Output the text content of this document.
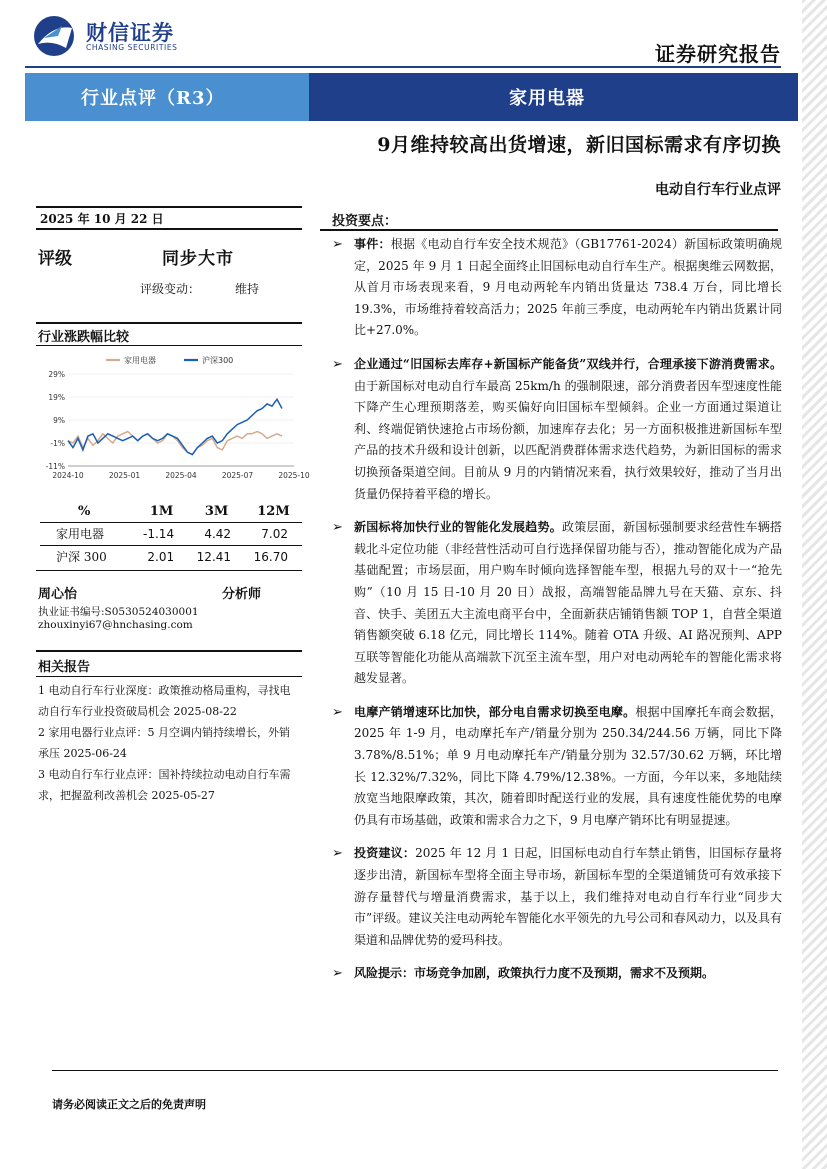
财信证券
CHASING SECURITIES	证券研究报告
行业点评（R3）	家用电器
9月维持较高出货增速，新旧国标需求有序切换
电动自行车行业点评
2025 年 10 月 22 日
评级	同步大市
评级变动：	维持
行业涨跌幅比较
家用电器	沪深300
29%
19%
9%
-1%
-11%
2024-10	2025-01	2025-04	2025-07	2025-10
%	1M	3M	12M
家用电器	-1.14	4.42	7.02
沪深 300	2.01	12.41	16.70
周心怡	分析师
执业证书编号:S0530524030001
zhouxinyi67@hnchasing.com
相关报告
1 电动自行车行业深度：政策推动格局重构，寻找电动自行车行业投资破局机会 2025-08-22
2 家用电器行业点评：5 月空调内销持续增长，外销承压 2025-06-24
3 电动自行车行业点评：国补持续拉动电动自行车需求，把握盈利改善机会 2025-05-27
投资要点：
➢ 事件：根据《电动自行车安全技术规范》（GB17761-2024）新国标政策明确规定，2025 年 9 月 1 日起全面终止旧国标电动自行车生产。根据奥维云网数据，从首月市场表现来看，9 月电动两轮车内销出货量达 738.4 万台，同比增长 19.3%，市场维持着较高活力；2025 年前三季度，电动两轮车内销出货累计同比+27.0%。
➢ 企业通过“旧国标去库存+新国标产能备货”双线并行，合理承接下游消费需求。由于新国标对电动自行车最高 25km/h 的强制限速，部分消费者因车型速度性能下降产生心理预期落差，购买偏好向旧国标车型倾斜。企业一方面通过渠道让利、终端促销快速抢占市场份额，加速库存去化；另一方面积极推进新国标车型产品的技术升级和设计创新，以匹配消费群体需求迭代趋势，为新旧国标的需求切换预备渠道空间。目前从 9 月的内销情况来看，执行效果较好，推动了当月出货量仍保持着平稳的增长。
➢ 新国标将加快行业的智能化发展趋势。政策层面，新国标强制要求经营性车辆搭载北斗定位功能（非经营性活动可自行选择保留功能与否），推动智能化成为产品基础配置；市场层面，用户购车时倾向选择智能车型，根据九号的双十一“抢先购”（10 月 15 日-10 月 20 日）战报，高端智能品牌九号在天猫、京东、抖音、快手、美团五大主流电商平台中，全面新获店铺销售额 TOP 1，自营全渠道销售额突破 6.18 亿元，同比增长 114%。随着 OTA 升级、AI 路况预判、APP 互联等智能化功能从高端款下沉至主流车型，用户对电动两轮车的智能化需求将越发显著。
➢ 电摩产销增速环比加快，部分电自需求切换至电摩。根据中国摩托车商会数据，2025 年 1-9 月，电动摩托车产/销量分别为 250.34/244.56 万辆，同比下降 3.78%/8.51%；单 9 月电动摩托车产/销量分别为 32.57/30.62 万辆，环比增长 12.32%/7.32%，同比下降 4.79%/12.38%。一方面，今年以来，多地陆续放宽当地限摩政策，其次，随着即时配送行业的发展，具有速度性能优势的电摩仍具有市场基础，政策和需求合力之下，9 月电摩产销环比有明显提速。
➢ 投资建议：2025 年 12 月 1 日起，旧国标电动自行车禁止销售，旧国标存量将逐步出清，新国标车型将全面主导市场，新国标车型的全渠道铺货可有效承接下游存量替代与增量消费需求，基于以上，我们维持对电动自行车行业“同步大市”评级。建议关注电动两轮车智能化水平领先的九号公司和春风动力，以及具有渠道和品牌优势的爱玛科技。
➢ 风险提示：市场竞争加剧，政策执行力度不及预期，需求不及预期。
请务必阅读正文之后的免责声明
